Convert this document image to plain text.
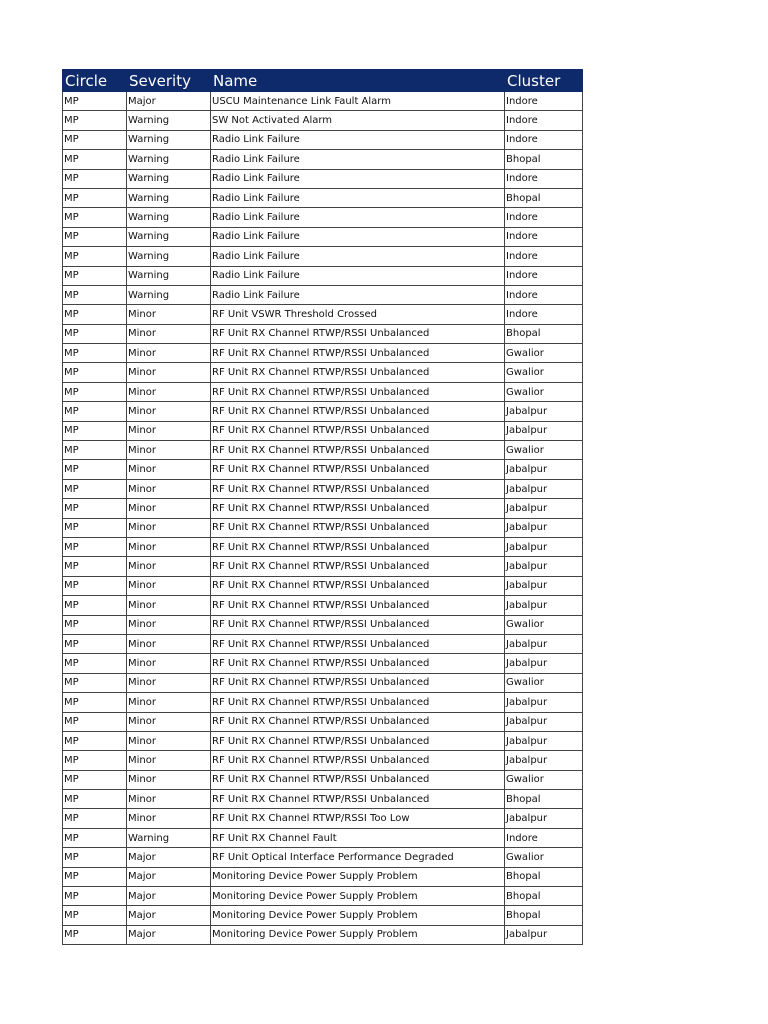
Circle	Severity	Name	Cluster
MP	Major	USCU Maintenance Link Fault Alarm	Indore
MP	Warning	SW Not Activated Alarm	Indore
MP	Warning	Radio Link Failure	Indore
MP	Warning	Radio Link Failure	Bhopal
MP	Warning	Radio Link Failure	Indore
MP	Warning	Radio Link Failure	Bhopal
MP	Warning	Radio Link Failure	Indore
MP	Warning	Radio Link Failure	Indore
MP	Warning	Radio Link Failure	Indore
MP	Warning	Radio Link Failure	Indore
MP	Warning	Radio Link Failure	Indore
MP	Minor	RF Unit VSWR Threshold Crossed	Indore
MP	Minor	RF Unit RX Channel RTWP/RSSI Unbalanced	Bhopal
MP	Minor	RF Unit RX Channel RTWP/RSSI Unbalanced	Gwalior
MP	Minor	RF Unit RX Channel RTWP/RSSI Unbalanced	Gwalior
MP	Minor	RF Unit RX Channel RTWP/RSSI Unbalanced	Gwalior
MP	Minor	RF Unit RX Channel RTWP/RSSI Unbalanced	Jabalpur
MP	Minor	RF Unit RX Channel RTWP/RSSI Unbalanced	Jabalpur
MP	Minor	RF Unit RX Channel RTWP/RSSI Unbalanced	Gwalior
MP	Minor	RF Unit RX Channel RTWP/RSSI Unbalanced	Jabalpur
MP	Minor	RF Unit RX Channel RTWP/RSSI Unbalanced	Jabalpur
MP	Minor	RF Unit RX Channel RTWP/RSSI Unbalanced	Jabalpur
MP	Minor	RF Unit RX Channel RTWP/RSSI Unbalanced	Jabalpur
MP	Minor	RF Unit RX Channel RTWP/RSSI Unbalanced	Jabalpur
MP	Minor	RF Unit RX Channel RTWP/RSSI Unbalanced	Jabalpur
MP	Minor	RF Unit RX Channel RTWP/RSSI Unbalanced	Jabalpur
MP	Minor	RF Unit RX Channel RTWP/RSSI Unbalanced	Jabalpur
MP	Minor	RF Unit RX Channel RTWP/RSSI Unbalanced	Gwalior
MP	Minor	RF Unit RX Channel RTWP/RSSI Unbalanced	Jabalpur
MP	Minor	RF Unit RX Channel RTWP/RSSI Unbalanced	Jabalpur
MP	Minor	RF Unit RX Channel RTWP/RSSI Unbalanced	Gwalior
MP	Minor	RF Unit RX Channel RTWP/RSSI Unbalanced	Jabalpur
MP	Minor	RF Unit RX Channel RTWP/RSSI Unbalanced	Jabalpur
MP	Minor	RF Unit RX Channel RTWP/RSSI Unbalanced	Jabalpur
MP	Minor	RF Unit RX Channel RTWP/RSSI Unbalanced	Jabalpur
MP	Minor	RF Unit RX Channel RTWP/RSSI Unbalanced	Gwalior
MP	Minor	RF Unit RX Channel RTWP/RSSI Unbalanced	Bhopal
MP	Minor	RF Unit RX Channel RTWP/RSSI Too Low	Jabalpur
MP	Warning	RF Unit RX Channel Fault	Indore
MP	Major	RF Unit Optical Interface Performance Degraded	Gwalior
MP	Major	Monitoring Device Power Supply Problem	Bhopal
MP	Major	Monitoring Device Power Supply Problem	Bhopal
MP	Major	Monitoring Device Power Supply Problem	Bhopal
MP	Major	Monitoring Device Power Supply Problem	Jabalpur
